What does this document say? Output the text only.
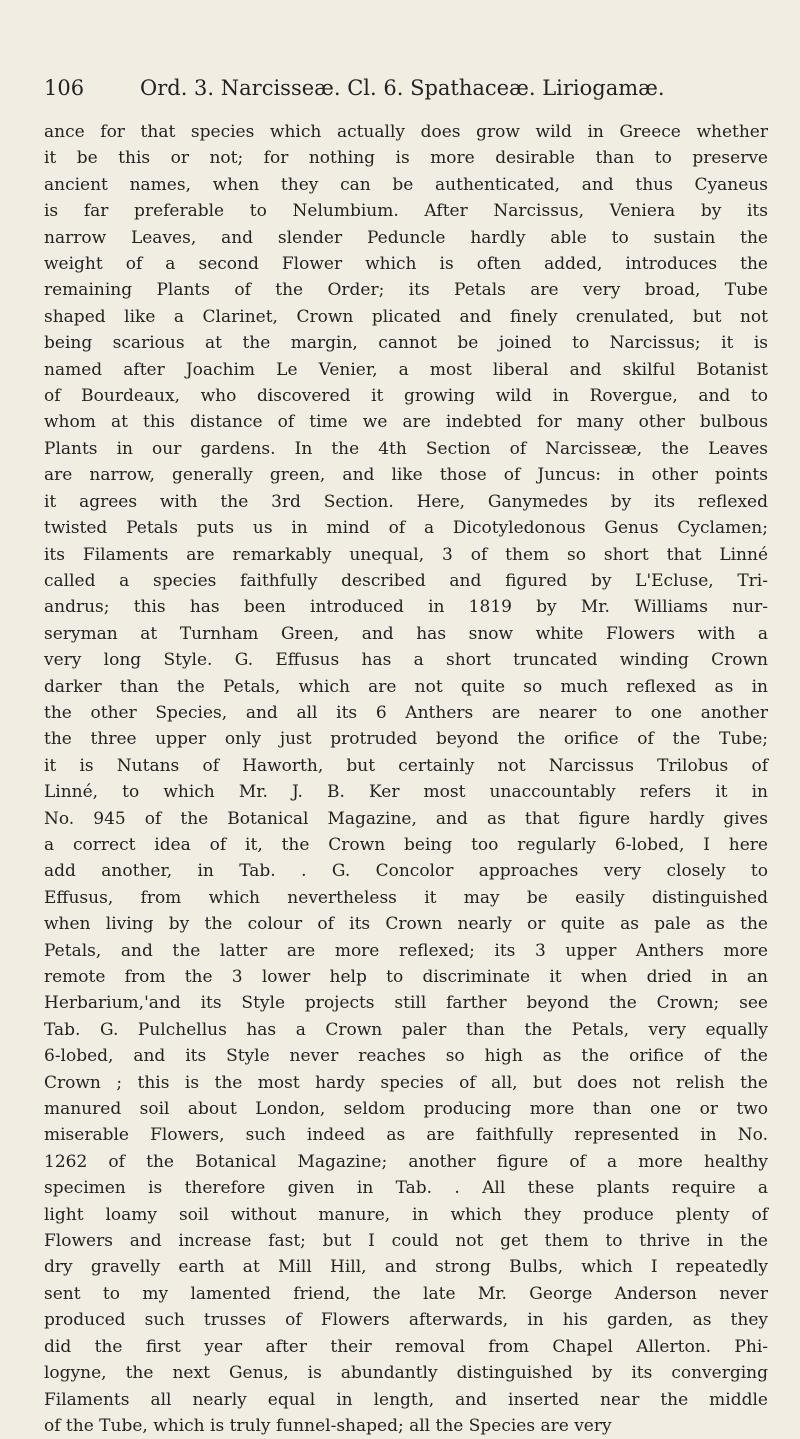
106	Ord. 3. Narcisseæ. Cl. 6. Spathaceæ. Liriogamæ.

ance for that species which actually does grow wild in Greece whether
it be this or not; for nothing is more desirable than to preserve
ancient names, when they can be authenticated, and thus Cyaneus
is far preferable to Nelumbium. After Narcissus, Veniera by its
narrow Leaves, and slender Peduncle hardly able to sustain the
weight of a second Flower which is often added, introduces the
remaining Plants of the Order; its Petals are very broad, Tube
shaped like a Clarinet, Crown plicated and finely crenulated, but not
being scarious at the margin, cannot be joined to Narcissus; it is
named after Joachim Le Venier, a most liberal and skilful Botanist
of Bourdeaux, who discovered it growing wild in Rovergue, and to
whom at this distance of time we are indebted for many other bulbous
Plants in our gardens. In the 4th Section of Narcisseæ, the Leaves
are narrow, generally green, and like those of Juncus: in other points
it agrees with the 3rd Section. Here, Ganymedes by its reflexed
twisted Petals puts us in mind of a Dicotyledonous Genus Cyclamen;
its Filaments are remarkably unequal, 3 of them so short that Linné
called a species faithfully described and figured by L'Ecluse, Tri-
andrus; this has been introduced in 1819 by Mr. Williams nur-
seryman at Turnham Green, and has snow white Flowers with a
very long Style. G. Effusus has a short truncated winding Crown
darker than the Petals, which are not quite so much reflexed as in
the other Species, and all its 6 Anthers are nearer to one another
the three upper only just protruded beyond the orifice of the Tube;
it is Nutans of Haworth, but certainly not Narcissus Trilobus of
Linné, to which Mr. J. B. Ker most unaccountably refers it in
No. 945 of the Botanical Magazine, and as that figure hardly gives
a correct idea of it, the Crown being too regularly 6-lobed, I here
add another, in Tab. . G. Concolor approaches very closely to
Effusus, from which nevertheless it may be easily distinguished
when living by the colour of its Crown nearly or quite as pale as the
Petals, and the latter are more reflexed; its 3 upper Anthers more
remote from the 3 lower help to discriminate it when dried in an
Herbarium,'and its Style projects still farther beyond the Crown; see
Tab. G. Pulchellus has a Crown paler than the Petals, very equally
6-lobed, and its Style never reaches so high as the orifice of the
Crown ; this is the most hardy species of all, but does not relish the
manured soil about London, seldom producing more than one or two
miserable Flowers, such indeed as are faithfully represented in No.
1262 of the Botanical Magazine; another figure of a more healthy
specimen is therefore given in Tab. . All these plants require a
light loamy soil without manure, in which they produce plenty of
Flowers and increase fast; but I could not get them to thrive in the
dry gravelly earth at Mill Hill, and strong Bulbs, which I repeatedly
sent to my lamented friend, the late Mr. George Anderson never
produced such trusses of Flowers afterwards, in his garden, as they
did the first year after their removal from Chapel Allerton. Phi-
logyne, the next Genus, is abundantly distinguished by its converging
Filaments all nearly equal in length, and inserted near the middle
of the Tube, which is truly funnel-shaped; all the Species are very
